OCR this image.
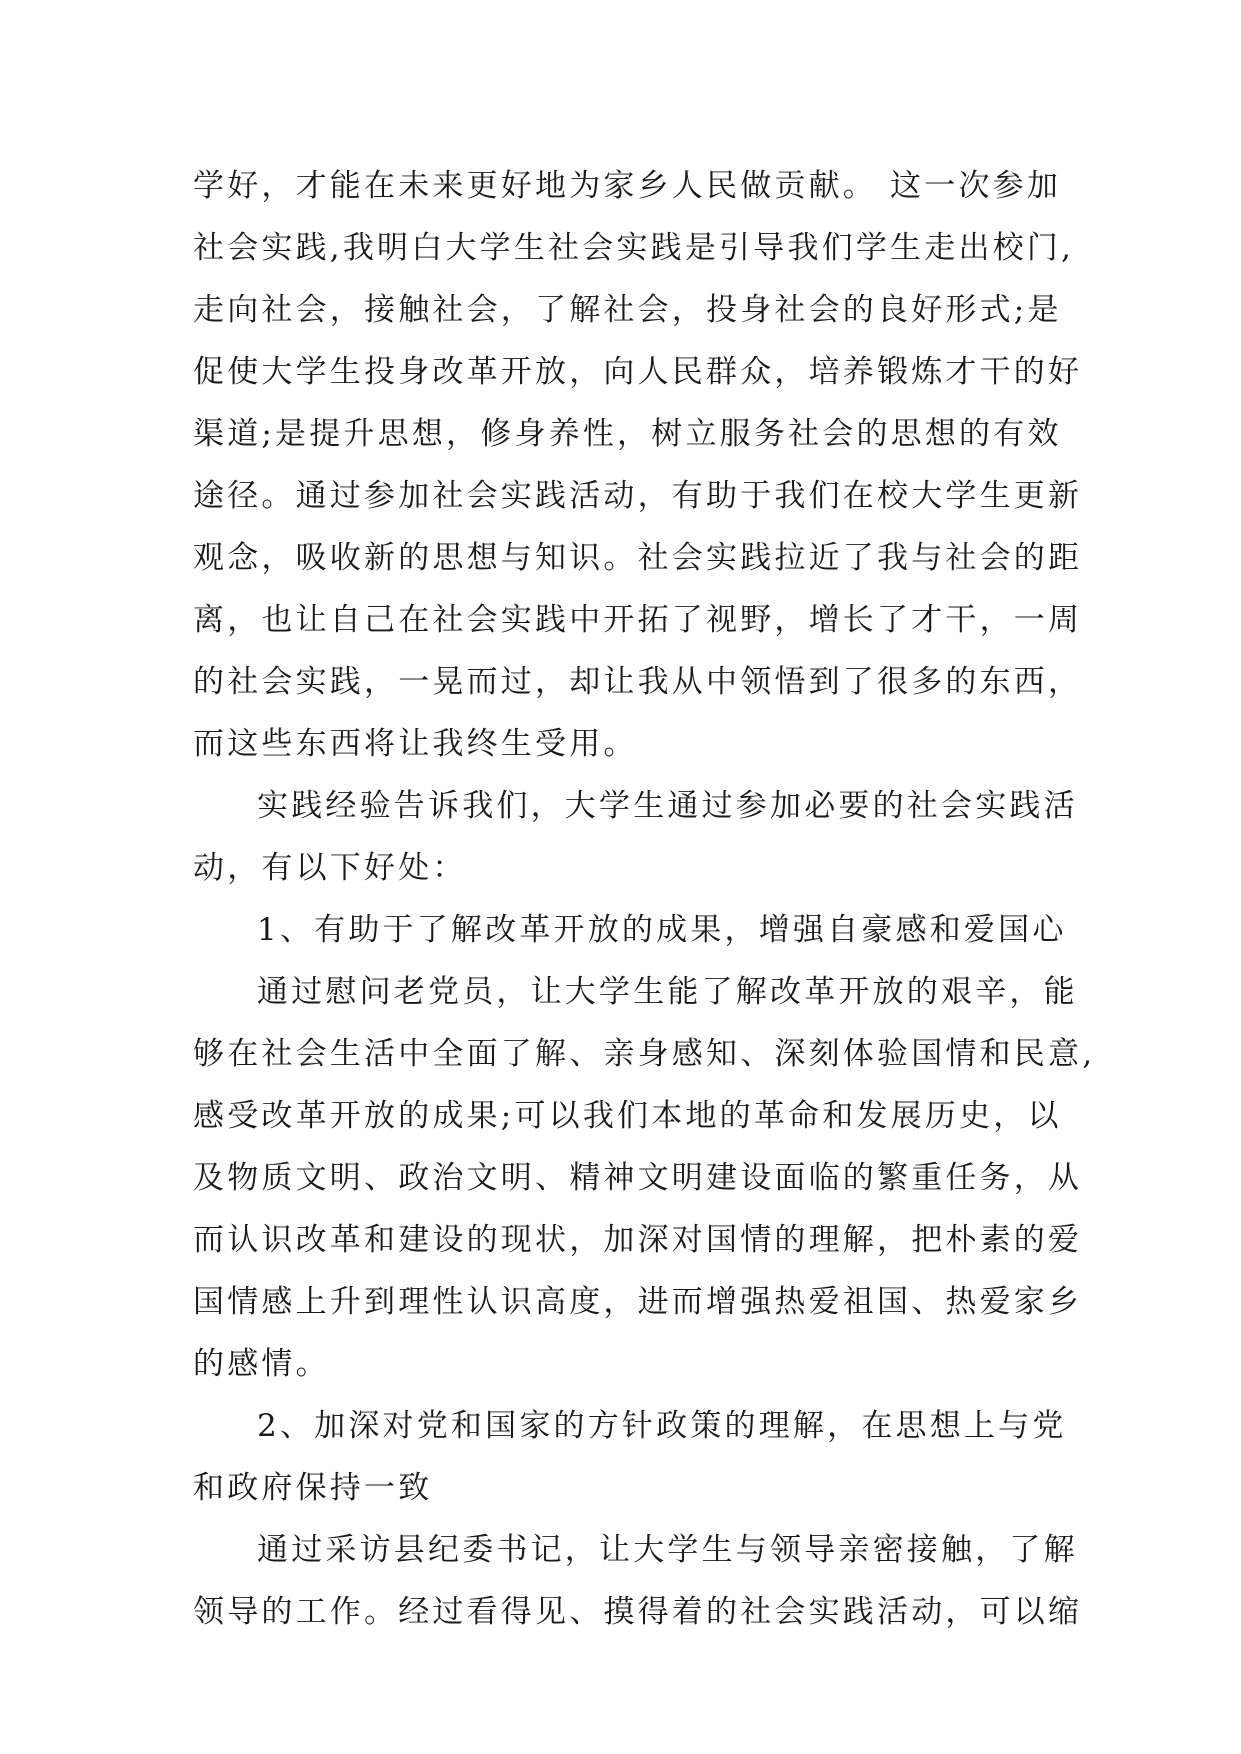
学好，才能在未来更好地为家乡人民做贡献。 这一次参加
社会实践,我明白大学生社会实践是引导我们学生走出校门,
走向社会，接触社会，了解社会，投身社会的良好形式;是
促使大学生投身改革开放，向人民群众，培养锻炼才干的好
渠道;是提升思想，修身养性，树立服务社会的思想的有效
途径。通过参加社会实践活动，有助于我们在校大学生更新
观念，吸收新的思想与知识。社会实践拉近了我与社会的距
离，也让自己在社会实践中开拓了视野，增长了才干，一周
的社会实践，一晃而过，却让我从中领悟到了很多的东西，
而这些东西将让我终生受用。
实践经验告诉我们，大学生通过参加必要的社会实践活
动，有以下好处：
1、有助于了解改革开放的成果，增强自豪感和爱国心
通过慰问老党员，让大学生能了解改革开放的艰辛，能
够在社会生活中全面了解、亲身感知、深刻体验国情和民意,
感受改革开放的成果;可以我们本地的革命和发展历史，以
及物质文明、政治文明、精神文明建设面临的繁重任务，从
而认识改革和建设的现状，加深对国情的理解，把朴素的爱
国情感上升到理性认识高度，进而增强热爱祖国、热爱家乡
的感情。
2、加深对党和国家的方针政策的理解，在思想上与党
和政府保持一致
通过采访县纪委书记，让大学生与领导亲密接触，了解
领导的工作。经过看得见、摸得着的社会实践活动，可以缩
